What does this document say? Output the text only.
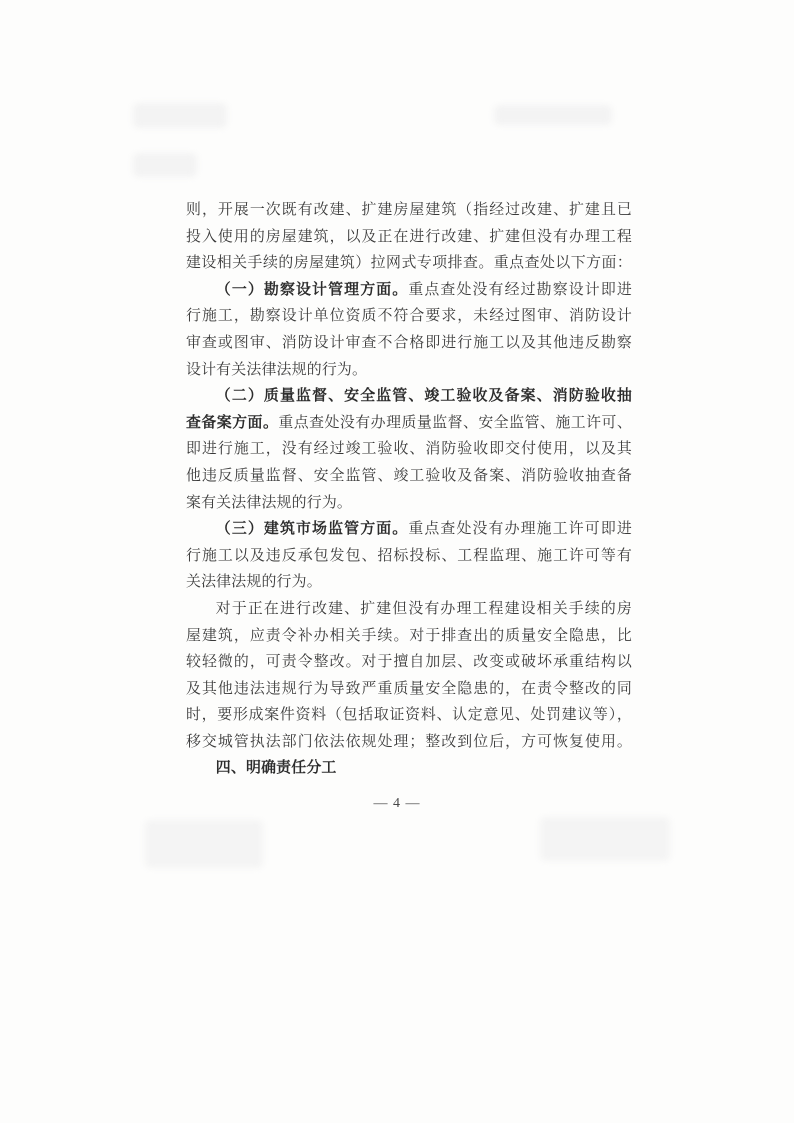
则，开展一次既有改建、扩建房屋建筑（指经过改建、扩建且已
投入使用的房屋建筑，以及正在进行改建、扩建但没有办理工程
建设相关手续的房屋建筑）拉网式专项排查。重点查处以下方面：
（一）勘察设计管理方面。重点查处没有经过勘察设计即进
行施工，勘察设计单位资质不符合要求，未经过图审、消防设计
审查或图审、消防设计审查不合格即进行施工以及其他违反勘察
设计有关法律法规的行为。
（二）质量监督、安全监管、竣工验收及备案、消防验收抽
查备案方面。重点查处没有办理质量监督、安全监管、施工许可、
即进行施工，没有经过竣工验收、消防验收即交付使用，以及其
他违反质量监督、安全监管、竣工验收及备案、消防验收抽查备
案有关法律法规的行为。
（三）建筑市场监管方面。重点查处没有办理施工许可即进
行施工以及违反承包发包、招标投标、工程监理、施工许可等有
关法律法规的行为。
对于正在进行改建、扩建但没有办理工程建设相关手续的房
屋建筑，应责令补办相关手续。对于排查出的质量安全隐患，比
较轻微的，可责令整改。对于擅自加层、改变或破坏承重结构以
及其他违法违规行为导致严重质量安全隐患的，在责令整改的同
时，要形成案件资料（包括取证资料、认定意见、处罚建议等），
移交城管执法部门依法依规处理；整改到位后，方可恢复使用。
四、明确责任分工
— 4 —
